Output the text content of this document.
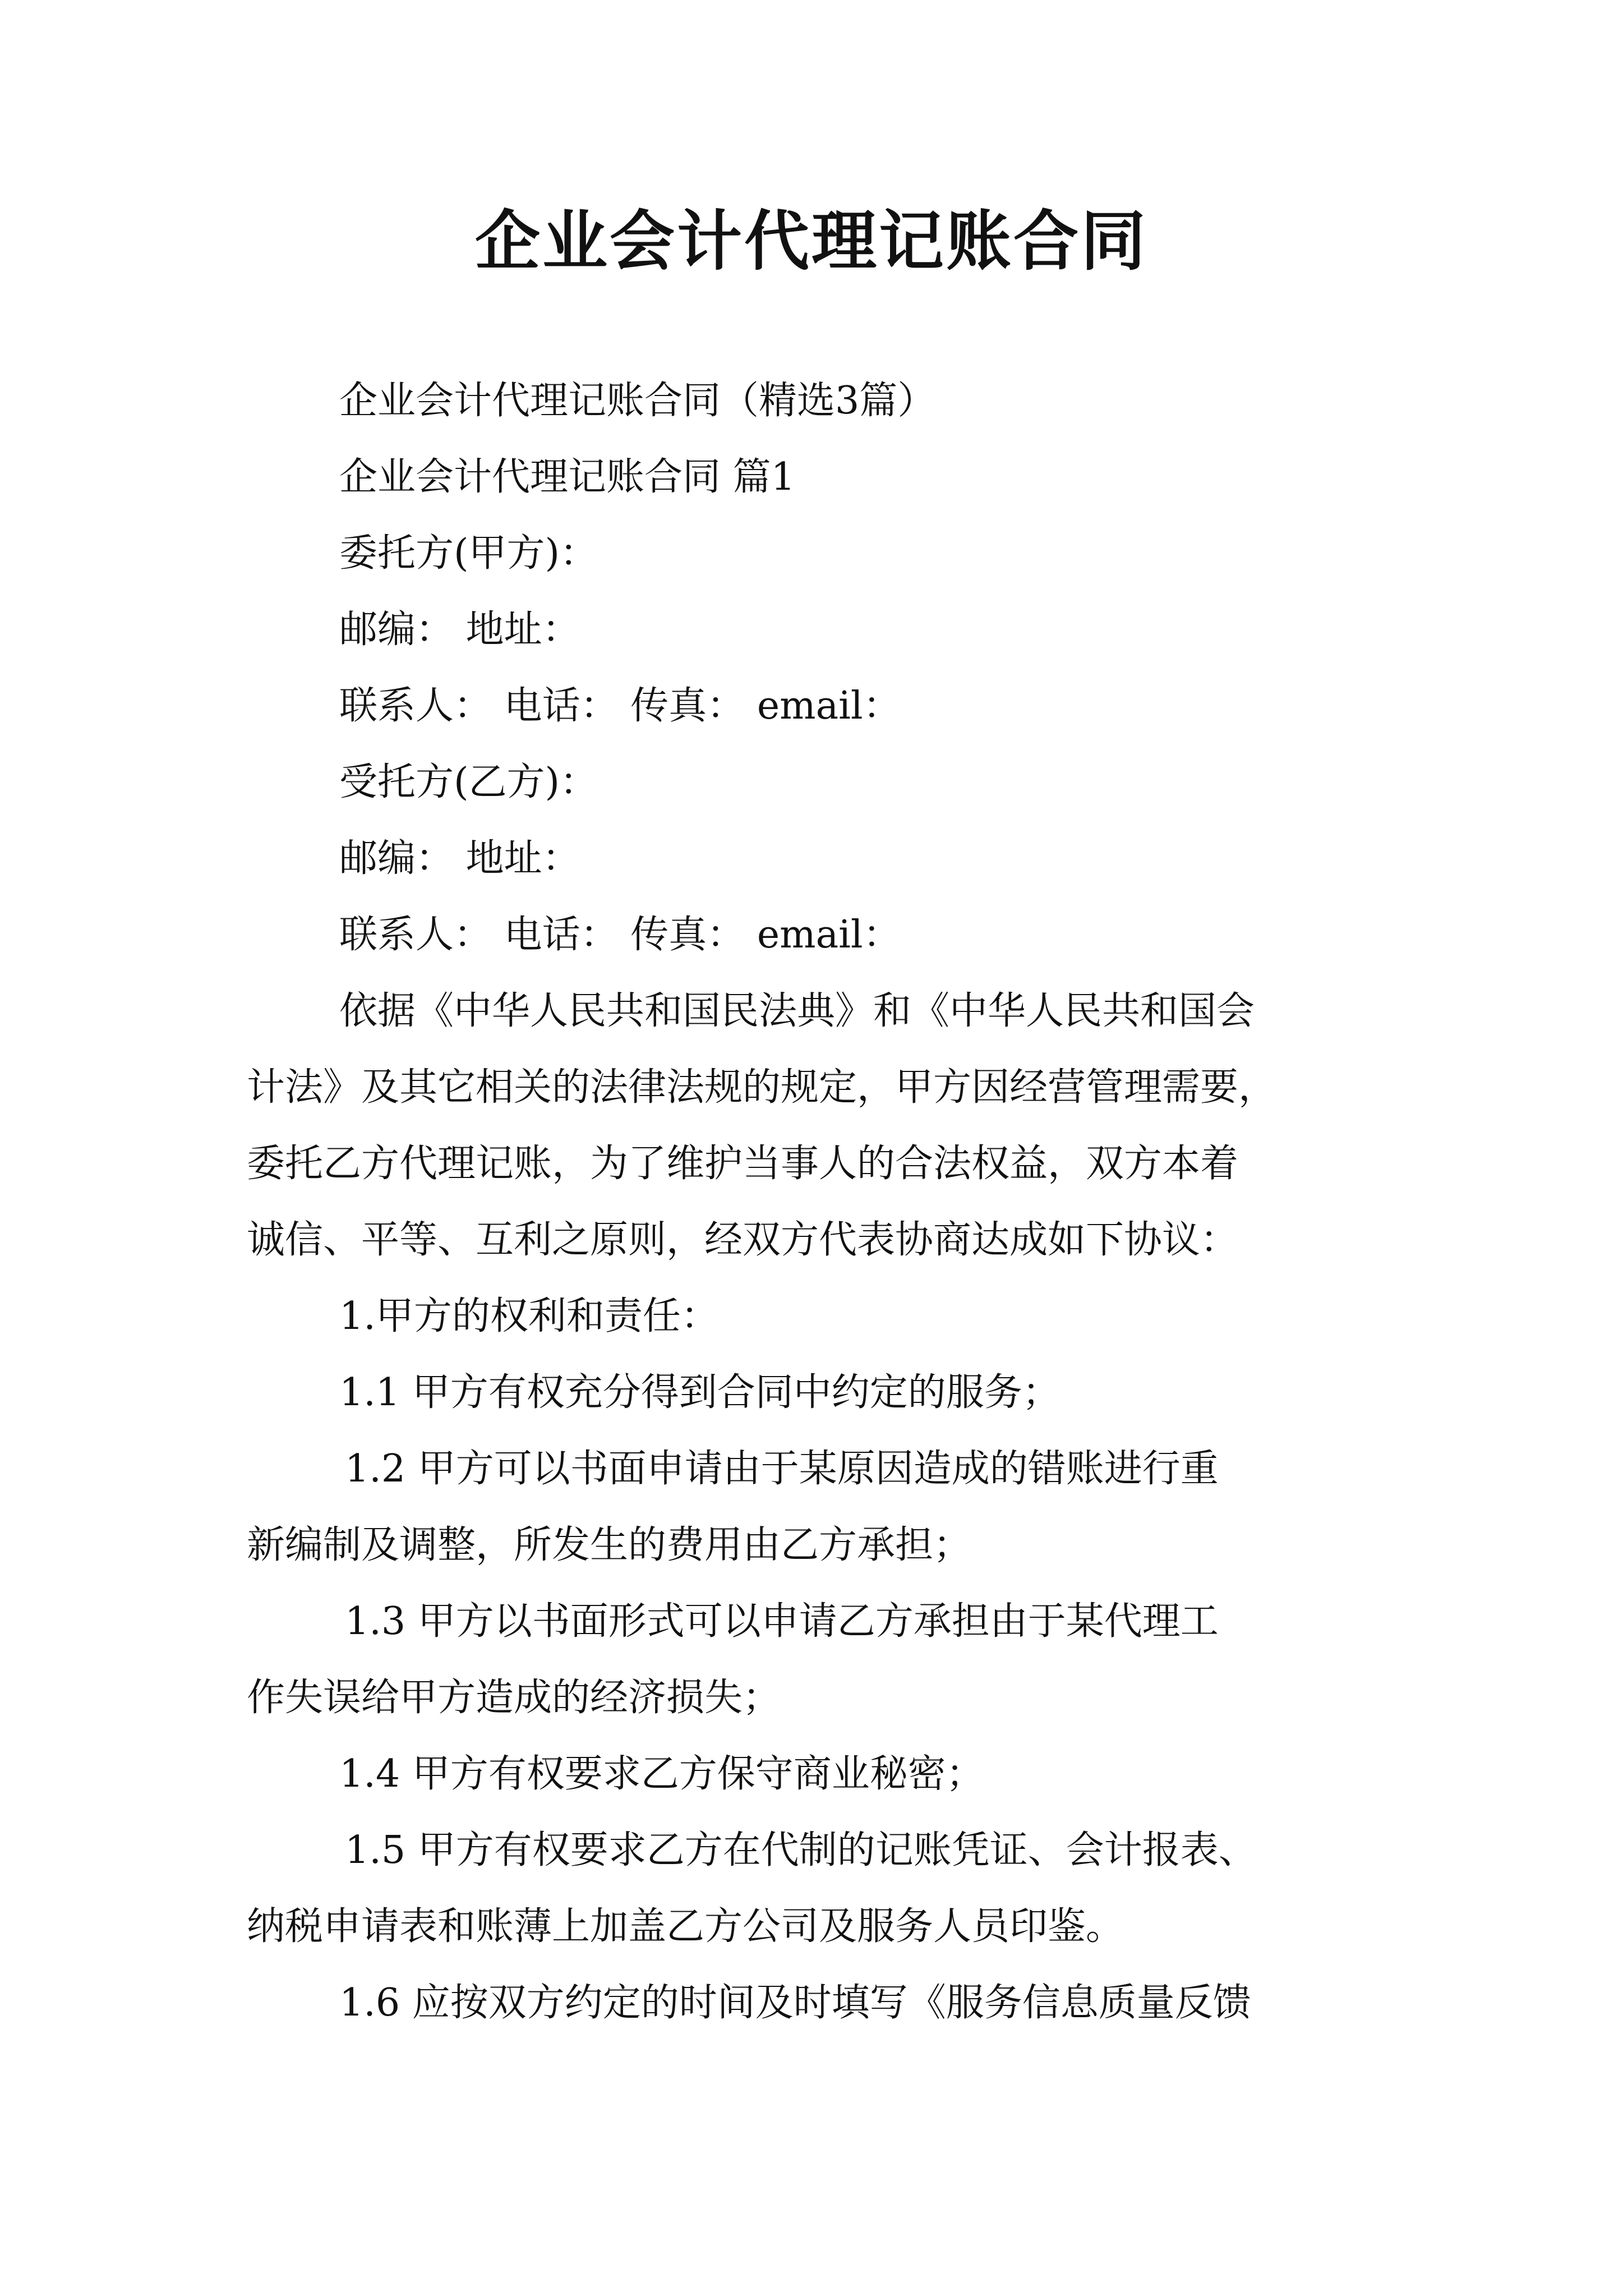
企业会计代理记账合同
企业会计代理记账合同（精选3篇）
企业会计代理记账合同 篇1
委托方(甲方)：
邮编： 地址：
联系人： 电话： 传真： email：
受托方(乙方)：
邮编： 地址：
联系人： 电话： 传真： email：
依据《中华人民共和国民法典》和《中华人民共和国会
计法》及其它相关的法律法规的规定，甲方因经营管理需要，
委托乙方代理记账，为了维护当事人的合法权益，双方本着
诚信、平等、互利之原则，经双方代表协商达成如下协议：
1.甲方的权利和责任：
1.1 甲方有权充分得到合同中约定的服务；
1.2 甲方可以书面申请由于某原因造成的错账进行重
新编制及调整，所发生的费用由乙方承担；
1.3 甲方以书面形式可以申请乙方承担由于某代理工
作失误给甲方造成的经济损失；
1.4 甲方有权要求乙方保守商业秘密；
1.5 甲方有权要求乙方在代制的记账凭证、会计报表、
纳税申请表和账薄上加盖乙方公司及服务人员印鉴。
1.6 应按双方约定的时间及时填写《服务信息质量反馈
